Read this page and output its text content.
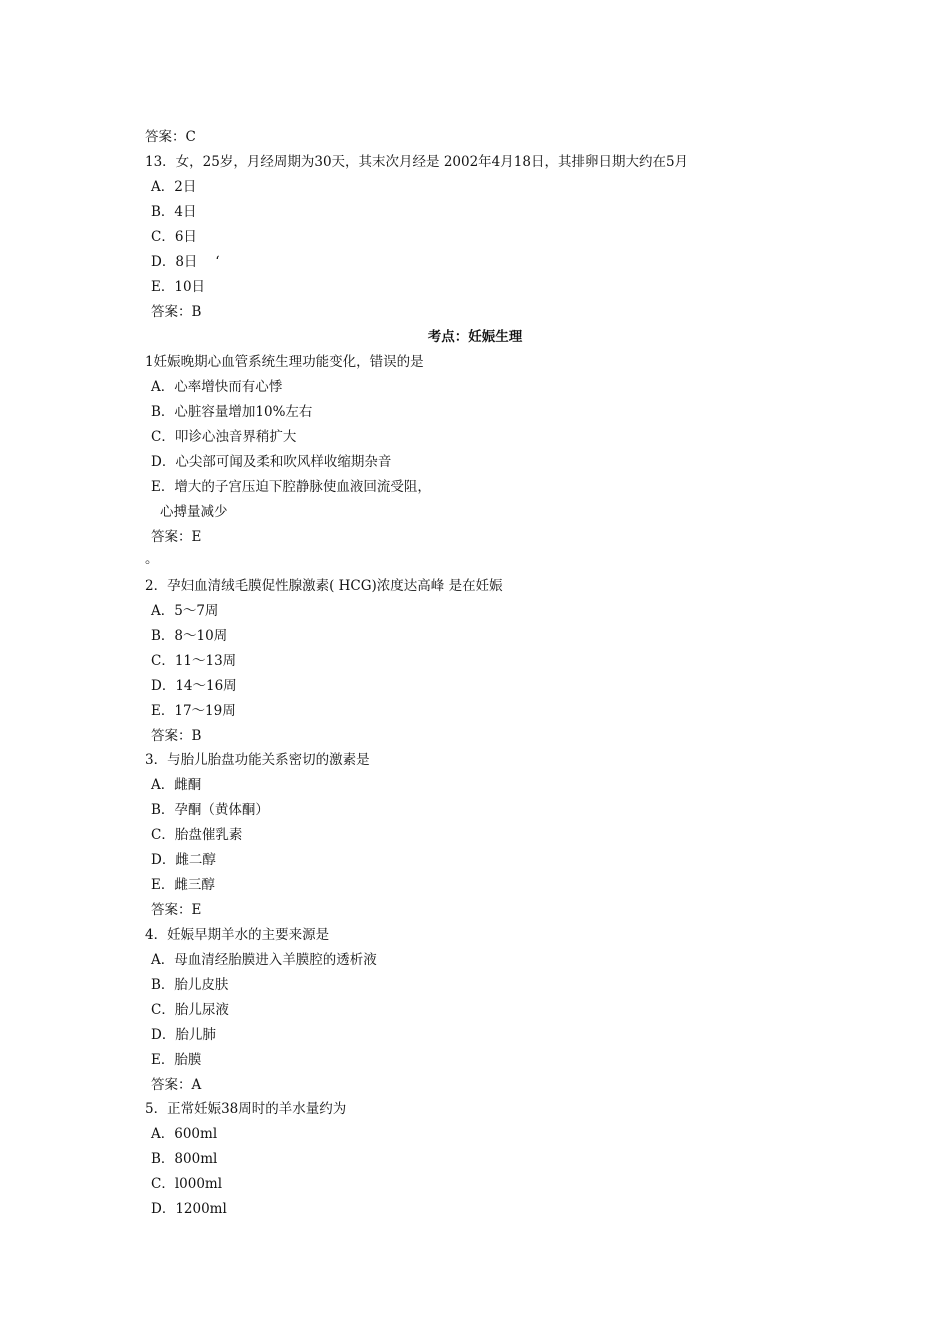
答案：C
13．女，25岁，月经周期为30天，其末次月经是 2002年4月18日，其排卵日期大约在5月
A．2日
B．4日
C．6日
D．8日　 ‘
E．10日
答案：B
考点：妊娠生理
1妊娠晚期心血管系统生理功能变化，错误的是
A．心率增快而有心悸
B．心脏容量增加10%左右
C．叩诊心浊音界稍扩大
D．心尖部可闻及柔和吹风样收缩期杂音
E．增大的子宫压迫下腔静脉使血液回流受阻，
心搏量减少
答案：E
。
2．孕妇血清绒毛膜促性腺激素( HCG)浓度达高峰 是在妊娠
A．5～7周
B．8～10周
C．11～13周
D．14～16周
E．17～19周
答案：B
3．与胎儿胎盘功能关系密切的激素是
A．雌酮
B．孕酮（黄体酮）
C．胎盘催乳素
D．雌二醇
E．雌三醇
答案：E
4．妊娠早期羊水的主要来源是
A．母血清经胎膜进入羊膜腔的透析液
B．胎儿皮肤
C．胎儿尿液
D．胎儿肺
E．胎膜
答案：A
5．正常妊娠38周时的羊水量约为
A．600ml
B．800ml
C．l000ml
D．1200ml
